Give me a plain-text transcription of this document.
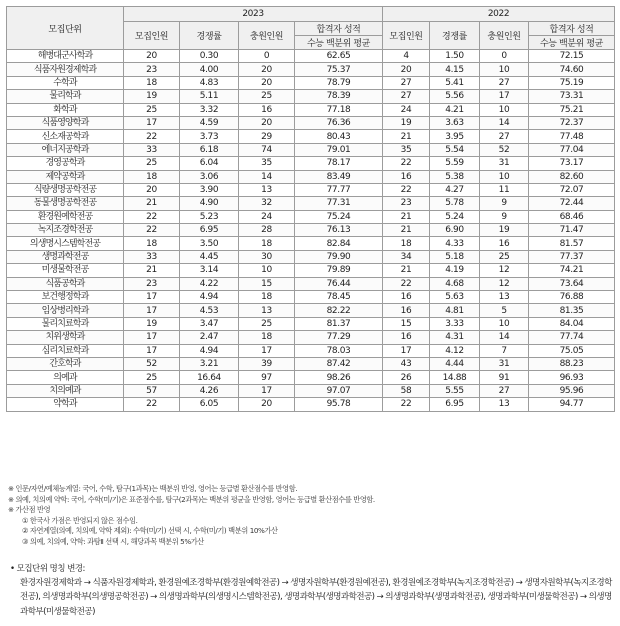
모집단위	2023				2022			
	모집인원	경쟁률	충원인원	합격자 성적	모집인원	경쟁률	충원인원	합격자 성적
				수능 백분위 평균				수능 백분위 평균
해병대군사학과	20	0.30	0	62.65	4	1.50	0	72.15
식품자원경제학과	23	4.00	20	75.37	20	4.15	10	74.60
수학과	18	4.83	20	78.79	27	5.41	27	75.19
물리학과	19	5.11	25	78.39	27	5.56	17	73.31
화학과	25	3.32	16	77.18	24	4.21	10	75.21
식품영양학과	17	4.59	20	76.36	19	3.63	14	72.37
신소재공학과	22	3.73	29	80.43	21	3.95	27	77.48
에너지공학과	33	6.18	74	79.01	35	5.54	52	77.04
경영공학과	25	6.04	35	78.17	22	5.59	31	73.17
제약공학과	18	3.06	14	83.49	16	5.38	10	82.60
식량생명공학전공	20	3.90	13	77.77	22	4.27	11	72.07
동물생명공학전공	21	4.90	32	77.31	23	5.78	9	72.44
환경원예학전공	22	5.23	24	75.24	21	5.24	9	68.46
녹지조경학전공	22	6.95	28	76.13	21	6.90	19	71.47
의생명시스템학전공	18	3.50	18	82.84	18	4.33	16	81.57
생명과학전공	33	4.45	30	79.90	34	5.18	25	77.37
미생물학전공	21	3.14	10	79.89	21	4.19	12	74.21
식품공학과	23	4.22	15	76.44	22	4.68	12	73.64
보건행정학과	17	4.94	18	78.45	16	5.63	13	76.88
임상병리학과	17	4.53	13	82.22	16	4.81	5	81.35
물리치료학과	19	3.47	25	81.37	15	3.33	10	84.04
치위생학과	17	2.47	18	77.29	16	4.31	14	77.74
심리치료학과	17	4.94	17	78.03	17	4.12	7	75.05
간호학과	52	3.21	39	87.42	43	4.44	31	88.23
의예과	25	16.64	97	98.26	26	14.88	91	96.93
치의예과	57	4.26	17	97.07	58	5.55	27	95.96
약학과	22	6.05	20	95.78	22	6.95	13	94.77
※ 인문/자연/예체능계열: 국어, 수학, 탐구(1과목)는 백분위 반영, 영어는 등급별 환산점수를 반영함.
※ 의예, 치의예 약학: 국어, 수학(미/기)은 표준점수를, 탐구(2과목)는 백분위 평균을 반영함, 영어는 등급별 환산점수를 반영함.
※ 가산점 반영
① 한국사 가점은 반영되지 않은 점수임.
② 자연계열(의예, 치의예, 약학 제외): 수학(미/기) 선택 시, 수학(미/기) 백분위 10%가산
③ 의예, 치의예, 약학: 과탐Ⅱ 선택 시, 해당과목 백분위 5%가산
• 모집단위 명칭 변경:
환경자원경제학과 → 식품자원경제학과, 환경원예조경학부(환경원예학전공) → 생명자원학부(환경원예전공), 환경원예조경학부(녹지조경학전공) → 생명자원학부(녹지조경학전공), 의생명과학부(의생명공학전공) → 의생명과학부(의생명시스템학전공), 생명과학부(생명과학전공) → 의생명과학부(생명과학전공), 생명과학부(미생물학전공) → 의생명과학부(미생물학전공)
